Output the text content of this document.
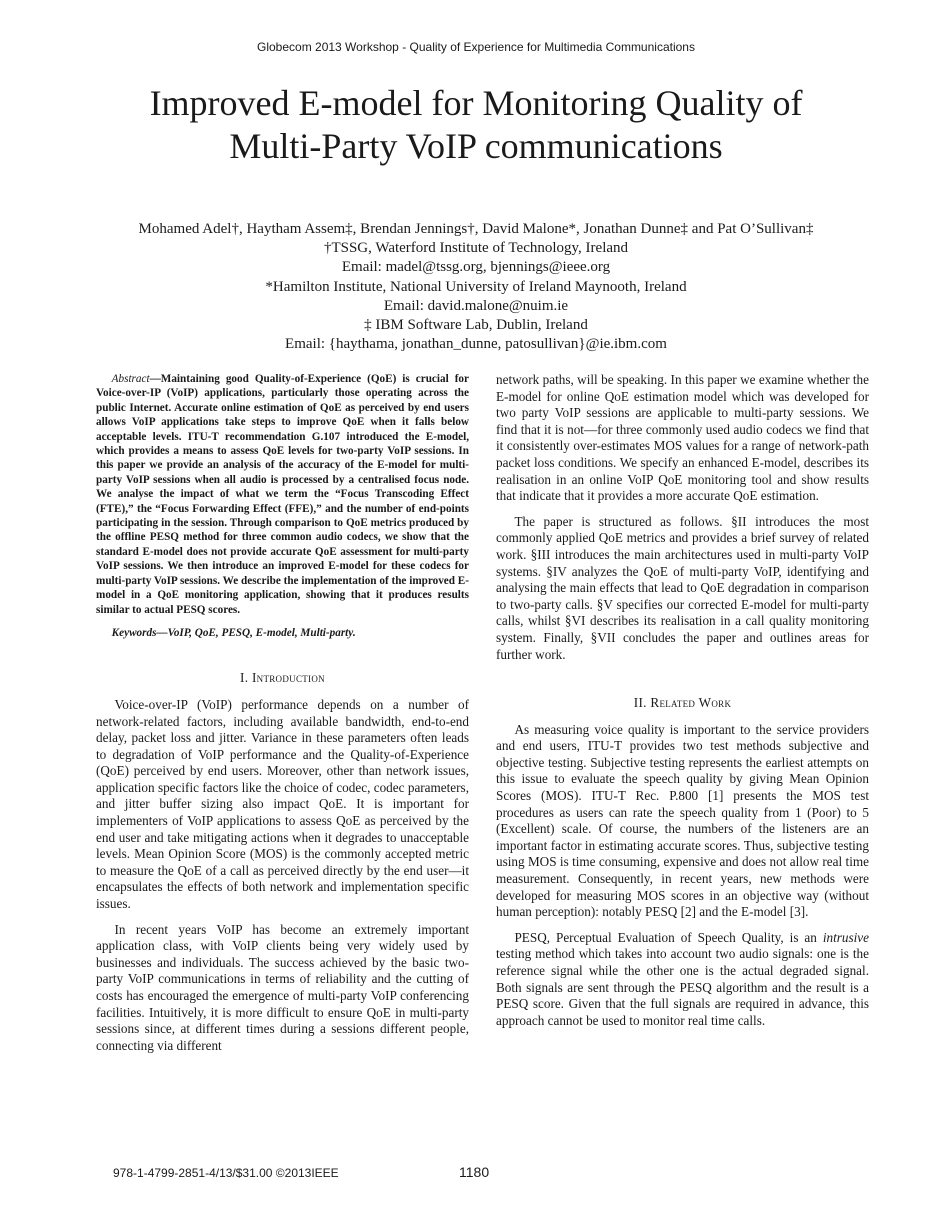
Globecom 2013 Workshop - Quality of Experience for Multimedia Communications
Improved E-model for Monitoring Quality of
Multi-Party VoIP communications
Mohamed Adel†, Haytham Assem‡, Brendan Jennings†, David Malone*, Jonathan Dunne‡ and Pat O’Sullivan‡
†TSSG, Waterford Institute of Technology, Ireland
Email: madel@tssg.org, bjennings@ieee.org
*Hamilton Institute, National University of Ireland Maynooth, Ireland
Email: david.malone@nuim.ie
‡ IBM Software Lab, Dublin, Ireland
Email: {haythama, jonathan_dunne, patosullivan}@ie.ibm.com

Abstract—Maintaining good Quality-of-Experience (QoE) is crucial for Voice-over-IP (VoIP) applications, particularly those operating across the public Internet. Accurate online estimation of QoE as perceived by end users allows VoIP applications take steps to improve QoE when it falls below acceptable levels. ITU-T recommendation G.107 introduced the E-model, which provides a means to assess QoE levels for two-party VoIP sessions. In this paper we provide an analysis of the accuracy of the E-model for multi-party VoIP sessions when all audio is processed by a centralised focus node. We analyse the impact of what we term the “Focus Transcoding Effect (FTE),” the “Focus Forwarding Effect (FFE),” and the number of end-points participating in the session. Through comparison to QoE metrics produced by the offline PESQ method for three common audio codecs, we show that the standard E-model does not provide accurate QoE assessment for multi-party VoIP sessions. We then introduce an improved E-model for these codecs for multi-party VoIP sessions. We describe the implementation of the improved E-model in a QoE monitoring application, showing that it produces results similar to actual PESQ scores.

Keywords—VoIP, QoE, PESQ, E-model, Multi-party.

I. Introduction

Voice-over-IP (VoIP) performance depends on a number of network-related factors, including available bandwidth, end-to-end delay, packet loss and jitter. Variance in these parameters often leads to degradation of VoIP performance and the Quality-of-Experience (QoE) perceived by end users. Moreover, other than network issues, application specific factors like the choice of codec, codec parameters, and jitter buffer sizing also impact QoE. It is important for implementers of VoIP applications to assess QoE as perceived by the end user and take mitigating actions when it degrades to unacceptable levels. Mean Opinion Score (MOS) is the commonly accepted metric to measure the QoE of a call as perceived directly by the end user—it encapsulates the effects of both network and implementation specific issues.

In recent years VoIP has become an extremely important application class, with VoIP clients being very widely used by businesses and individuals. The success achieved by the basic two-party VoIP communications in terms of reliability and the cutting of costs has encouraged the emergence of multi-party VoIP conferencing facilities. Intuitively, it is more difficult to ensure QoE in multi-party sessions since, at different times during a sessions different people, connecting via different

network paths, will be speaking. In this paper we examine whether the E-model for online QoE estimation model which was developed for two party VoIP sessions are applicable to multi-party sessions. We find that it is not—for three commonly used audio codecs we find that it consistently over-estimates MOS values for a range of network-path packet loss conditions. We specify an enhanced E-model, describes its realisation in an online VoIP QoE monitoring tool and show results that indicate that it provides a more accurate QoE estimation.

The paper is structured as follows. §II introduces the most commonly applied QoE metrics and provides a brief survey of related work. §III introduces the main architectures used in multi-party VoIP systems. §IV analyzes the QoE of multi-party VoIP, identifying and analysing the main effects that lead to QoE degradation in comparison to two-party calls. §V specifies our corrected E-model for multi-party calls, whilst §VI describes its realisation in a call quality monitoring system. Finally, §VII concludes the paper and outlines areas for further work.

II. Related Work

As measuring voice quality is important to the service providers and end users, ITU-T provides two test methods subjective and objective testing. Subjective testing represents the earliest attempts on this issue to evaluate the speech quality by giving Mean Opinion Scores (MOS). ITU-T Rec. P.800 [1] presents the MOS test procedures as users can rate the speech quality from 1 (Poor) to 5 (Excellent) scale. Of course, the numbers of the listeners are an important factor in estimating accurate scores. Thus, subjective testing using MOS is time consuming, expensive and does not allow real time measurement. Consequently, in recent years, new methods were developed for measuring MOS scores in an objective way (without human perception): notably PESQ [2] and the E-model [3].

PESQ, Perceptual Evaluation of Speech Quality, is an intrusive testing method which takes into account two audio signals: one is the reference signal while the other one is the actual degraded signal. Both signals are sent through the PESQ algorithm and the result is a PESQ score. Given that the full signals are required in advance, this approach cannot be used to monitor real time calls.

978-1-4799-2851-4/13/$31.00 ©2013IEEE	1180
